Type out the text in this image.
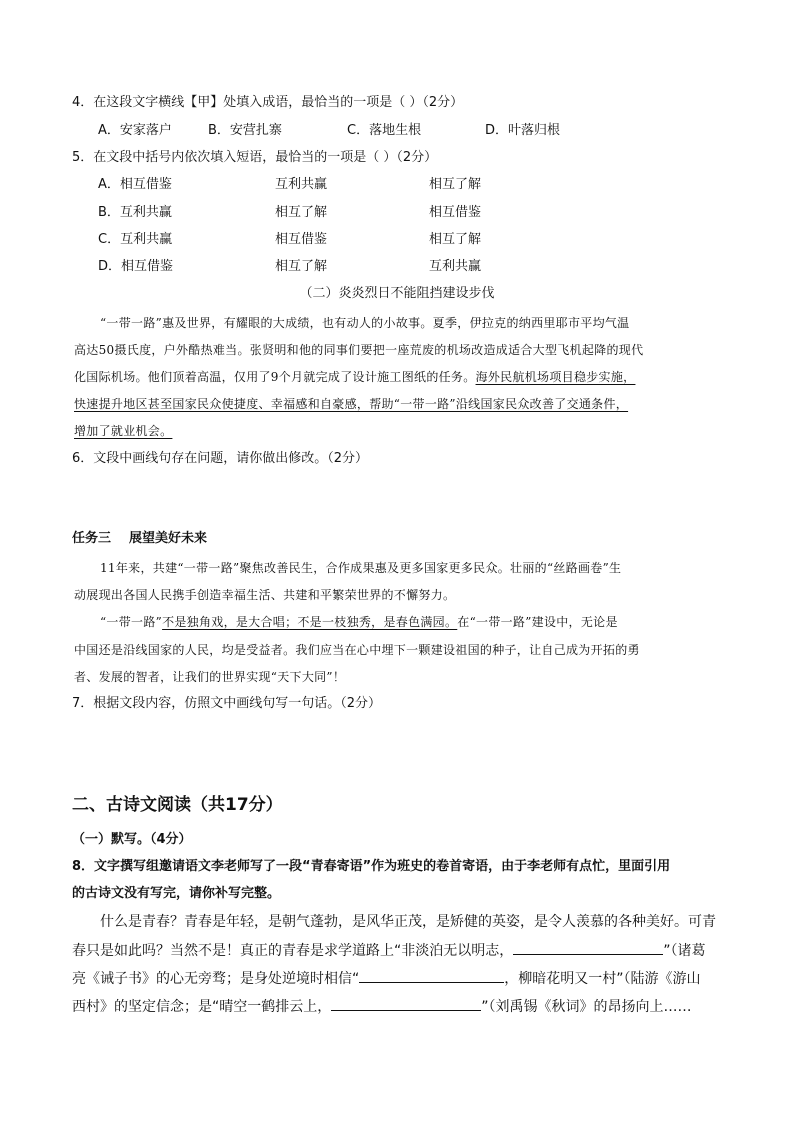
4．在这段文字横线【甲】处填入成语，最恰当的一项是（ ）（2分）
A．安家落户	B．安营扎寨	C．落地生根	D．叶落归根
5．在文段中括号内依次填入短语，最恰当的一项是（ ）（2分）
A．相互借鉴	互利共赢	相互了解
B．互利共赢	相互了解	相互借鉴
C．互利共赢	相互借鉴	相互了解
D．相互借鉴	相互了解	互利共赢
（二）炎炎烈日不能阻挡建设步伐
“一带一路”惠及世界，有耀眼的大成绩，也有动人的小故事。夏季，伊拉克的纳西里耶市平均气温
高达50摄氏度，户外酷热难当。张贤明和他的同事们要把一座荒废的机场改造成适合大型飞机起降的现代
化国际机场。他们顶着高温，仅用了9个月就完成了设计施工图纸的任务。海外民航机场项目稳步实施，
快速提升地区甚至国家民众使捷度、幸福感和自豪感，帮助“一带一路”沿线国家民众改善了交通条件，
增加了就业机会。
6．文段中画线句存在问题，请你做出修改。（2分）
任务三 展望美好未来
11年来，共建“一带一路”聚焦改善民生，合作成果惠及更多国家更多民众。壮丽的“丝路画卷”生
动展现出各国人民携手创造幸福生活、共建和平繁荣世界的不懈努力。
“一带一路”不是独角戏，是大合唱；不是一枝独秀，是春色满园。在“一带一路”建设中，无论是
中国还是沿线国家的人民，均是受益者。我们应当在心中埋下一颗建设祖国的种子，让自己成为开拓的勇
者、发展的智者，让我们的世界实现“天下大同”！
7．根据文段内容，仿照文中画线句写一句话。（2分）
二、古诗文阅读（共17分）
（一）默写。（4分）
8．文字撰写组邀请语文李老师写了一段“青春寄语”作为班史的卷首寄语，由于李老师有点忙，里面引用
的古诗文没有写完，请你补写完整。
什么是青春？青春是年轻，是朝气蓬勃，是风华正茂，是矫健的英姿，是令人羡慕的各种美好。可青
春只是如此吗？当然不是！真正的青春是求学道路上“非淡泊无以明志，	”（诸葛
亮《诫子书》的心无旁骛；是身处逆境时相信“	，柳暗花明又一村”（陆游《游山
西村》的坚定信念；是“晴空一鹤排云上，	”（刘禹锡《秋词》的昂扬向上……
